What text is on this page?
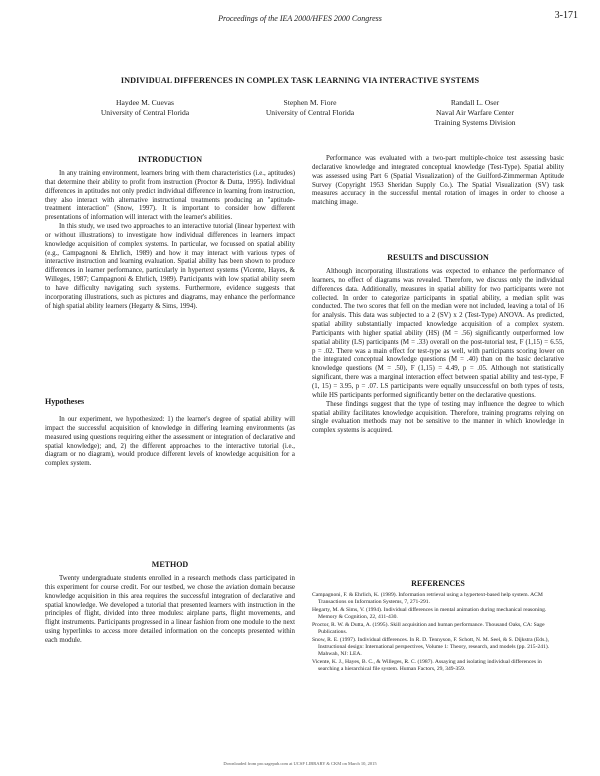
3-171
Proceedings of the IEA 2000/HFES 2000 Congress
INDIVIDUAL DIFFERENCES IN COMPLEX TASK LEARNING VIA INTERACTIVE SYSTEMS
Haydee M. Cuevas
University of Central Florida
Stephen M. Fiore
University of Central Florida
Randall L. Oser
Naval Air Warfare Center
Training Systems Division
INTRODUCTION

In any training environment, learners bring with them characteristics (i.e., aptitudes) that determine their ability to profit from instruction (Proctor & Dutta, 1995). Individual differences in aptitudes not only predict individual difference in learning from instruction, they also interact with alternative instructional treatments producing an "aptitude-treatment interaction" (Snow, 1997). It is important to consider how different presentations of information will interact with the learner's abilities.

In this study, we used two approaches to an interactive tutorial (linear hypertext with or without illustrations) to investigate how individual differences in learners impact knowledge acquisition of complex systems. In particular, we focussed on spatial ability (e.g., Campagnoni & Ehrlich, 1989) and how it may interact with various types of interactive instruction and learning evaluation. Spatial ability has been shown to produce differences in learner performance, particularly in hypertext systems (Vicente, Hayes, & Willeges, 1987; Campagnoni & Ehrlich, 1989). Participants with low spatial ability seem to have difficulty navigating such systems. Furthermore, evidence suggests that incorporating illustrations, such as pictures and diagrams, may enhance the performance of high spatial ability learners (Hegarty & Sims, 1994).

Hypotheses

In our experiment, we hypothesized: 1) the learner's degree of spatial ability will impact the successful acquisition of knowledge in differing learning environments (as measured using questions requiring either the assessment or integration of declarative and spatial knowledge); and, 2) the different approaches to the interactive tutorial (i.e., diagram or no diagram), would produce different levels of knowledge acquisition for a complex system.

METHOD

Twenty undergraduate students enrolled in a research methods class participated in this experiment for course credit. For our testbed, we chose the aviation domain because knowledge acquisition in this area requires the successful integration of declarative and spatial knowledge. We developed a tutorial that presented learners with instruction in the principles of flight, divided into three modules: airplane parts, flight movements, and flight instruments. Participants progressed in a linear fashion from one module to the next using hyperlinks to access more detailed information on the concepts presented within each module.

Performance was evaluated with a two-part multiple-choice test assessing basic declarative knowledge and integrated conceptual knowledge (Test-Type). Spatial ability was assessed using Part 6 (Spatial Visualization) of the Guilford-Zimmerman Aptitude Survey (Copyright 1953 Sheridan Supply Co.). The Spatial Visualization (SV) task measures accuracy in the successful mental rotation of images in order to choose a matching image.

RESULTS and DISCUSSION

Although incorporating illustrations was expected to enhance the performance of learners, no effect of diagrams was revealed. Therefore, we discuss only the individual differences data. Additionally, measures in spatial ability for two participants were not collected. In order to categorize participants in spatial ability, a median split was conducted. The two scores that fell on the median were not included, leaving a total of 16 for analysis. This data was subjected to a 2 (SV) x 2 (Test-Type) ANOVA. As predicted, spatial ability substantially impacted knowledge acquisition of a complex system. Participants with higher spatial ability (HS) (M = .56) significantly outperformed low spatial ability (LS) participants (M = .33) overall on the post-tutorial test, F (1,15) = 6.55, p = .02. There was a main effect for test-type as well, with participants scoring lower on the integrated conceptual knowledge questions (M = .40) than on the basic declarative knowledge questions (M = .50), F (1,15) = 4.49, p = .05. Although not statistically significant, there was a marginal interaction effect between spatial ability and test-type, F (1, 15) = 3.95, p = .07. LS participants were equally unsuccessful on both types of tests, while HS participants performed significantly better on the declarative questions.

These findings suggest that the type of testing may influence the degree to which spatial ability facilitates knowledge acquisition. Therefore, training programs relying on single evaluation methods may not be sensitive to the manner in which knowledge in complex systems is acquired.

REFERENCES

Campagnoni, F. & Ehrlich, K. (1989). Information retrieval using a hypertext-based help system. ACM Transactions on Information Systems, 7, 271-291.

Hegarty, M. & Sims, V. (1994). Individual differences in mental animation during mechanical reasoning. Memory & Cognition, 22, 411-430.

Proctor, R. W. & Dutta, A. (1995). Skill acquisition and human performance. Thousand Oaks, CA: Sage Publications.

Snow, R. E. (1997). Individual differences. In R. D. Tennyson, F. Schott, N. M. Seel, & S. Dijkstra (Eds.), Instructional design: International perspectives, Volume 1: Theory, research, and models (pp. 215-241). Mahwah, NJ: LEA.

Vicente, K. J., Hayes, B. C., & Willeges, R. C. (1987). Assaying and isolating individual differences in searching a hierarchical file system. Human Factors, 29, 349-359.

Downloaded from pro.sagepub.com at UCSF LIBRARY & CKM on March 10, 2015
